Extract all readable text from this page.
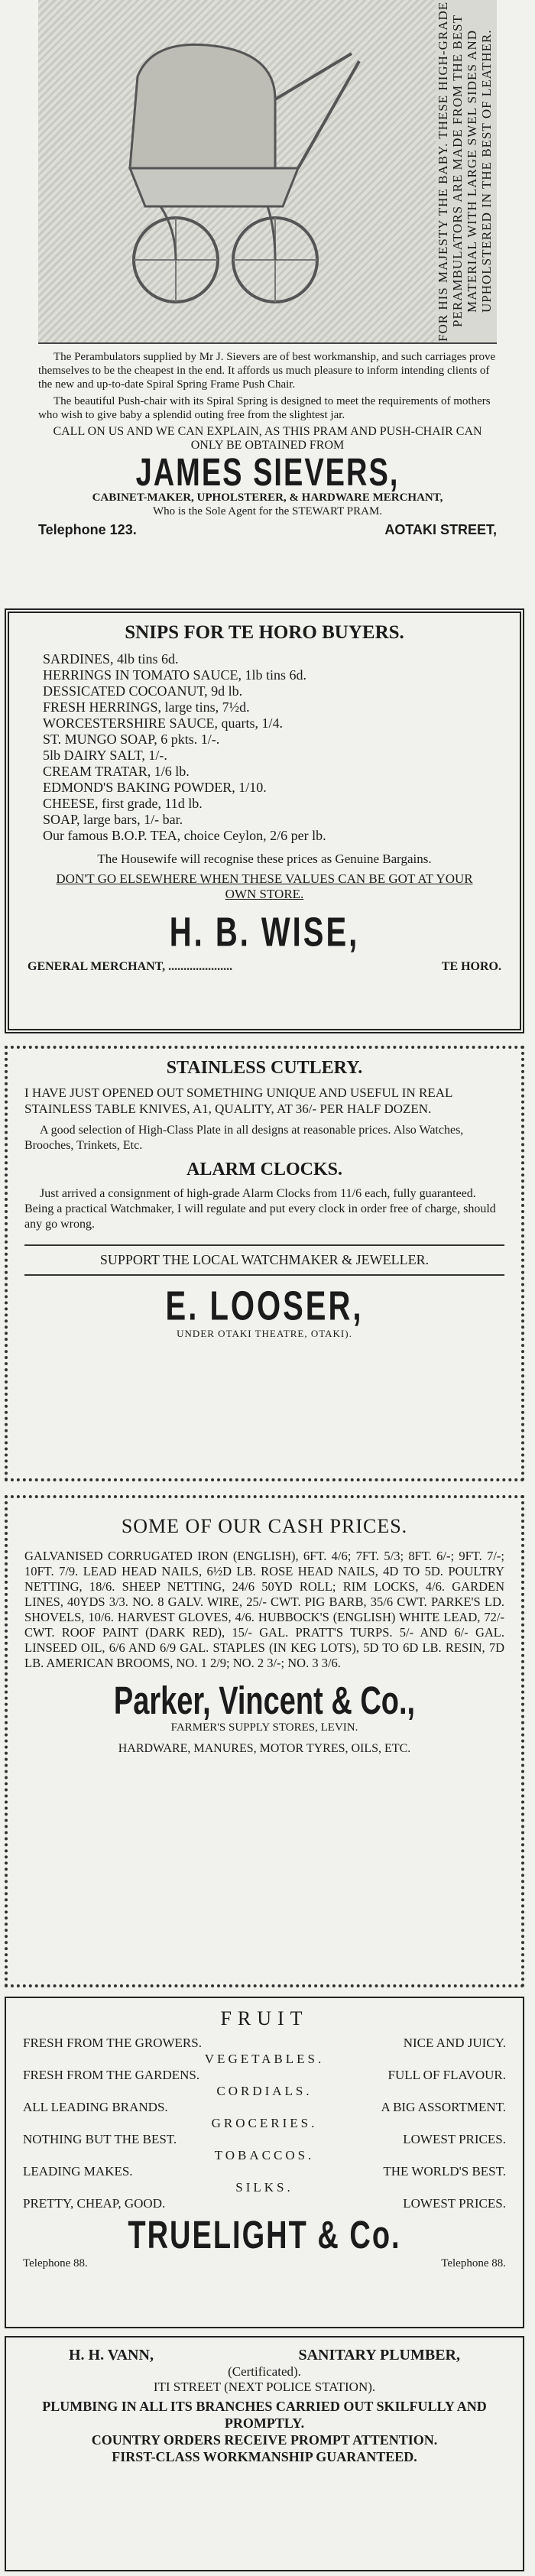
FOR HIS MAJESTY THE BABY. THESE HIGH-GRADE PERAMBULATORS ARE MADE FROM THE BEST MATERIAL WITH LARGE SWEL SIDES AND UPHOLSTERED IN THE BEST OF LEATHER.

The Perambulators supplied by Mr J. Sievers are of best workmanship, and such carriages prove themselves to be the cheapest in the end. It affords us much pleasure to inform intending clients of the new and up-to-date Spiral Spring Frame Push Chair.

The beautiful Push-chair with its Spiral Spring is designed to meet the requirements of mothers who wish to give baby a splendid outing free from the slightest jar.

CALL ON US AND WE CAN EXPLAIN, AS THIS PRAM AND PUSH-CHAIR CAN ONLY BE OBTAINED FROM

JAMES SIEVERS,
CABINET-MAKER, UPHOLSTERER, & HARDWARE MERCHANT,
Who is the Sole Agent for the STEWART PRAM.
Telephone 123.	AOTAKI STREET,
SNIPS FOR TE HORO BUYERS.
SARDINES, 4lb tins 6d.
HERRINGS IN TOMATO SAUCE, 1lb tins 6d.
DESSICATED COCOANUT, 9d lb.
FRESH HERRINGS, large tins, 7½d.
WORCESTERSHIRE SAUCE, quarts, 1/4.
ST. MUNGO SOAP, 6 pkts. 1/-.
5lb DAIRY SALT, 1/-.
CREAM TRATAR, 1/6 lb.
EDMOND'S BAKING POWDER, 1/10.
CHEESE, first grade, 11d lb.
SOAP, large bars, 1/- bar.
Our famous B.O.P. TEA, choice Ceylon, 2/6 per lb.
The Housewife will recognise these prices as Genuine Bargains.
DON'T GO ELSEWHERE WHEN THESE VALUES CAN BE GOT AT YOUR OWN STORE.
H. B. WISE,
GENERAL MERCHANT, .....................	TE HORO.
STAINLESS CUTLERY.
I HAVE JUST OPENED OUT SOMETHING UNIQUE AND USEFUL IN REAL STAINLESS TABLE KNIVES, A1, QUALITY, AT 36/- PER HALF DOZEN.
A good selection of High-Class Plate in all designs at reasonable prices. Also Watches, Brooches, Trinkets, Etc.
ALARM CLOCKS.
Just arrived a consignment of high-grade Alarm Clocks from 11/6 each, fully guaranteed. Being a practical Watchmaker, I will regulate and put every clock in order free of charge, should any go wrong.
SUPPORT THE LOCAL WATCHMAKER & JEWELLER.
E. LOOSER,
UNDER OTAKI THEATRE, OTAKI).
SOME OF OUR CASH PRICES.
GALVANISED CORRUGATED IRON (ENGLISH), 6FT. 4/6; 7FT. 5/3; 8FT. 6/-; 9FT. 7/-; 10FT. 7/9. LEAD HEAD NAILS, 6½D LB. ROSE HEAD NAILS, 4D TO 5D. POULTRY NETTING, 18/6. SHEEP NETTING, 24/6 50YD ROLL; RIM LOCKS, 4/6. GARDEN LINES, 40YDS 3/3. NO. 8 GALV. WIRE, 25/- CWT. PIG BARB, 35/6 CWT. PARKE'S LD. SHOVELS, 10/6. HARVEST GLOVES, 4/6. HUBBOCK'S (ENGLISH) WHITE LEAD, 72/- CWT. ROOF PAINT (DARK RED), 15/- GAL. PRATT'S TURPS. 5/- AND 6/- GAL. LINSEED OIL, 6/6 AND 6/9 GAL. STAPLES (IN KEG LOTS), 5D TO 6D LB. RESIN, 7D LB. AMERICAN BROOMS, NO. 1 2/9; NO. 2 3/-; NO. 3 3/6.
Parker, Vincent & Co.,
FARMER'S SUPPLY STORES, LEVIN.
HARDWARE, MANURES, MOTOR TYRES, OILS, ETC.
FRUIT
FRESH FROM THE GROWERS.	NICE AND JUICY.
VEGETABLES.
FRESH FROM THE GARDENS.	FULL OF FLAVOUR.
CORDIALS.
ALL LEADING BRANDS.	A BIG ASSORTMENT.
GROCERIES.
NOTHING BUT THE BEST.	LOWEST PRICES.
TOBACCOS.
LEADING MAKES.	THE WORLD'S BEST.
SILKS.
PRETTY, CHEAP, GOOD.	LOWEST PRICES.
TRUELIGHT & Co.
Telephone 88.	Telephone 88.
H. H. VANN,	SANITARY PLUMBER,
(Certificated).
ITI STREET (NEXT POLICE STATION).
PLUMBING IN ALL ITS BRANCHES CARRIED OUT SKILFULLY AND PROMPTLY.
COUNTRY ORDERS RECEIVE PROMPT ATTENTION.
FIRST-CLASS WORKMANSHIP GUARANTEED.
